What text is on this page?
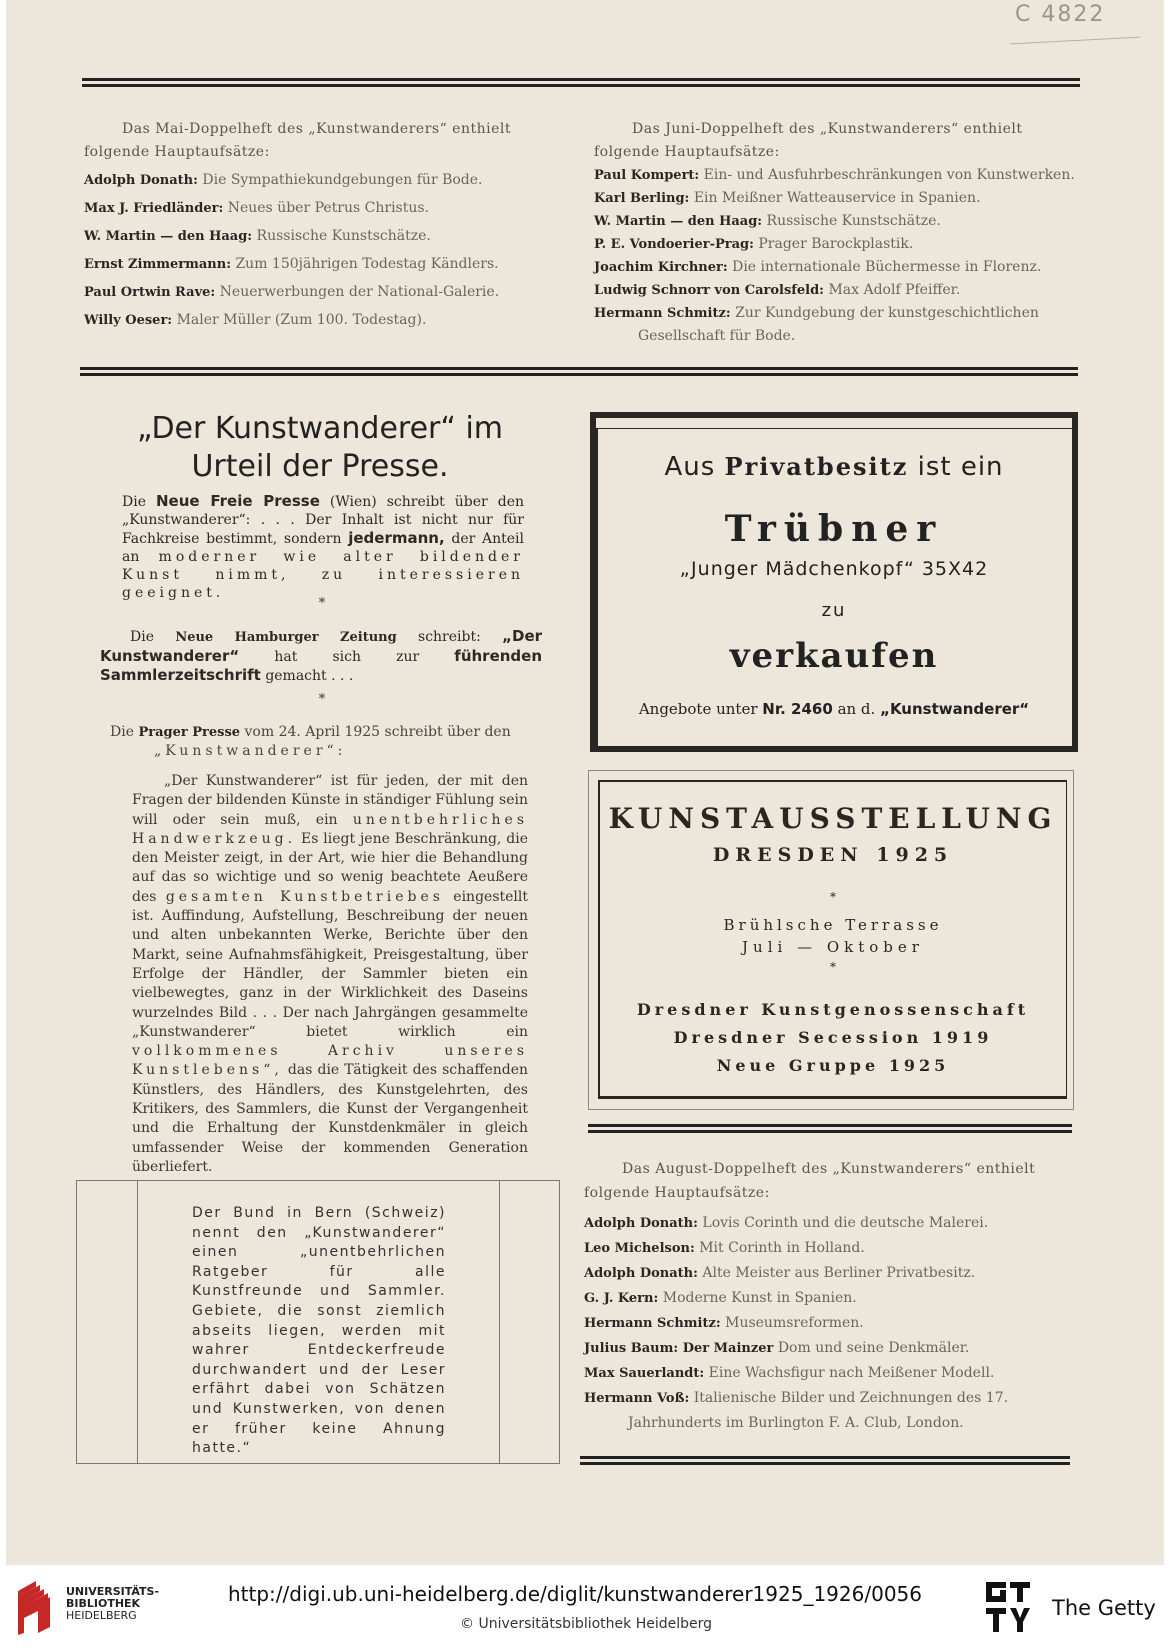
C 4822
Das Mai-Doppelheft des „Kunstwanderers“ enthielt folgende Hauptaufsätze:
Adolph Donath: Die Sympathiekundgebungen für Bode.
Max J. Friedländer: Neues über Petrus Christus.
W. Martin — den Haag: Russische Kunstschätze.
Ernst Zimmermann: Zum 150jährigen Todestag Kändlers.
Paul Ortwin Rave: Neuerwerbungen der National-Galerie.
Willy Oeser: Maler Müller (Zum 100. Todestag).
Das Juni-Doppelheft des „Kunstwanderers“ enthielt folgende Hauptaufsätze:
Paul Kompert: Ein- und Ausfuhrbeschränkungen von Kunstwerken.
Karl Berling: Ein Meißner Watteauservice in Spanien.
W. Martin — den Haag: Russische Kunstschätze.
P. E. Vondoerier-Prag: Prager Barockplastik.
Joachim Kirchner: Die internationale Büchermesse in Florenz.
Ludwig Schnorr von Carolsfeld: Max Adolf Pfeiffer.
Hermann Schmitz: Zur Kundgebung der kunstgeschichtlichen Gesellschaft für Bode.
„Der Kunstwanderer“ im
Urteil der Presse.
Die Neue Freie Presse (Wien) schreibt über den „Kunstwanderer“: . . . Der Inhalt ist nicht nur für Fachkreise bestimmt, sondern jedermann, der Anteil an moderner wie alter bildender Kunst nimmt, zu interessieren geeignet.
*
Die Neue Hamburger Zeitung schreibt: „Der Kunstwanderer“	hat sich zur führenden Sammlerzeitschrift gemacht . . .
*
Die Prager Presse vom 24. April 1925 schreibt über den „Kunstwanderer“:
„Der Kunstwanderer“ ist für jeden, der mit den Fragen der bildenden Künste in ständiger Fühlung sein will oder sein muß, ein unentbehrliches Handwerkzeug. Es liegt jene Beschränkung, die den Meister zeigt, in der Art, wie hier die Behandlung auf das so wichtige und so wenig beachtete Aeußere des gesamten Kunstbetriebes eingestellt ist. Auffindung, Aufstellung, Beschreibung der neuen und alten unbekannten Werke, Berichte über den Markt, seine Aufnahmsfähigkeit, Preisgestaltung, über Erfolge der Händler, der Sammler bieten ein vielbewegtes, ganz in der Wirklichkeit des Daseins wurzelndes Bild . . . Der nach Jahrgängen gesammelte „Kunstwanderer“ bietet wirklich ein vollkommenes Archiv unseres Kunstlebens“, das die Tätigkeit des schaffenden Künstlers, des Händlers, des Kunstgelehrten, des Kritikers, des Sammlers, die Kunst der Vergangenheit und die Erhaltung der Kunstdenkmäler in gleich umfassender Weise der kommenden Generation überliefert.
Der Bund in Bern (Schweiz) nennt den „Kunstwanderer“ einen „unentbehrlichen Ratgeber für alle Kunstfreunde und Sammler. Gebiete, die sonst ziemlich abseits liegen, werden mit wahrer Entdeckerfreude durchwandert und der Leser erfährt dabei von Schätzen und Kunstwerken, von denen er früher keine Ahnung hatte.“
Aus Privatbesitz ist ein
Trübner
„Junger Mädchenkopf“ 35X42
zu
verkaufen
Angebote unter Nr. 2460 an d. „Kunstwanderer“
KUNSTAUSSTELLUNG
DRESDEN 1925
*
Brühlsche Terrasse
Juli — Oktober
*
Dresdner Kunstgenossenschaft
Dresdner Secession 1919
Neue Gruppe 1925
Das August-Doppelheft des „Kunstwanderers“ enthielt folgende Hauptaufsätze:
Adolph Donath: Lovis Corinth und die deutsche Malerei.
Leo Michelson: Mit Corinth in Holland.
Adolph Donath: Alte Meister aus Berliner Privatbesitz.
G. J. Kern: Moderne Kunst in Spanien.
Hermann Schmitz: Museumsreformen.
Julius Baum: Der Mainzer Dom und seine Denkmäler.
Max Sauerlandt: Eine Wachsfigur nach Meißener Modell.
Hermann Voß: Italienische Bilder und Zeichnungen des 17. Jahrhunderts im Burlington F. A. Club, London.
UNIVERSITÄTS-
BIBLIOTHEK
HEIDELBERG
http://digi.ub.uni-heidelberg.de/diglit/kunstwanderer1925_1926/0056
© Universitätsbibliothek Heidelberg
The Getty
